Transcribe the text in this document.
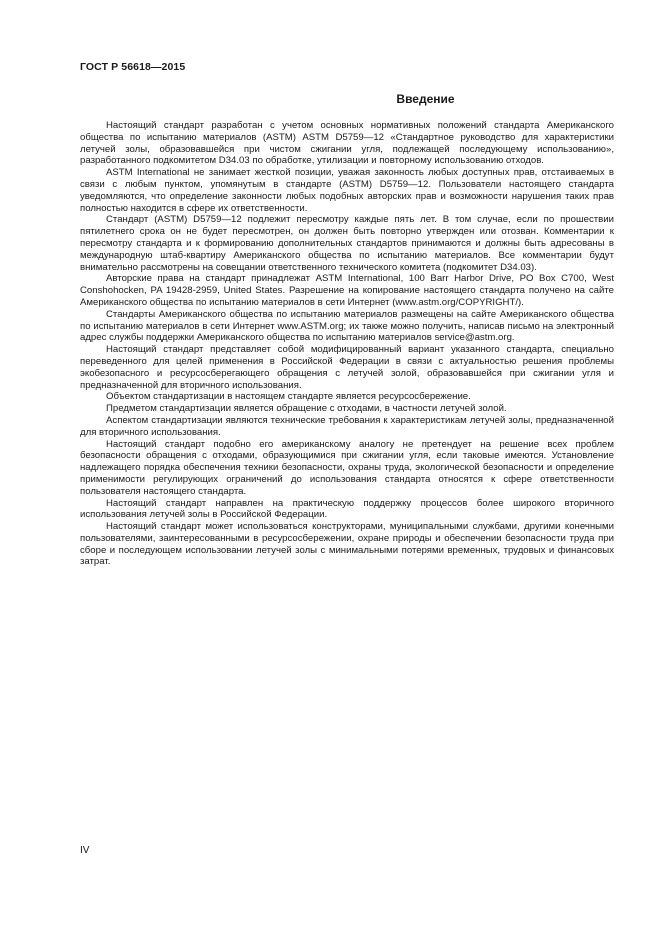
ГОСТ Р 56618—2015
Введение

Настоящий стандарт разработан с учетом основных нормативных положений стандарта Американского общества по испытанию материалов (ASTM) ASTM D5759—12 «Стандартное руководство для характеристики летучей золы, образовавшейся при чистом сжигании угля, подлежащей последующему использованию», разработанного подкомитетом D34.03 по обработке, утилизации и повторному использованию отходов.

ASTM International не занимает жесткой позиции, уважая законность любых доступных прав, отстаиваемых в связи с любым пунктом, упомянутым в стандарте (ASTM) D5759—12. Пользователи настоящего стандарта уведомляются, что определение законности любых подобных авторских прав и возможности нарушения таких прав полностью находится в сфере их ответственности.

Стандарт (ASTM) D5759—12 подлежит пересмотру каждые пять лет. В том случае, если по прошествии пятилетнего срока он не будет пересмотрен, он должен быть повторно утвержден или отозван. Комментарии к пересмотру стандарта и к формированию дополнительных стандартов принимаются и должны быть адресованы в международную штаб-квартиру Американского общества по испытанию материалов. Все комментарии будут внимательно рассмотрены на совещании ответственного технического комитета (подкомитет D34.03).

Авторские права на стандарт принадлежат ASTM International, 100 Barr Harbor Drive, PO Box C700, West Conshohocken, PA 19428-2959, United States. Разрешение на копирование настоящего стандарта получено на сайте Американского общества по испытанию материалов в сети Интернет (www.astm.org/COPYRIGHT/).

Стандарты Американского общества по испытанию материалов размещены на сайте Американского общества по испытанию материалов в сети Интернет www.ASTM.org; их также можно получить, написав письмо на электронный адрес службы поддержки Американского общества по испытанию материалов service@astm.org.

Настоящий стандарт представляет собой модифицированный вариант указанного стандарта, специально переведенного для целей применения в Российской Федерации в связи с актуальностью решения проблемы экобезопасного и ресурсосберегающего обращения с летучей золой, образовавшейся при сжигании угля и предназначенной для вторичного использования.

Объектом стандартизации в настоящем стандарте является ресурсосбережение.

Предметом стандартизации является обращение с отходами, в частности летучей золой.

Аспектом стандартизации являются технические требования к характеристикам летучей золы, предназначенной для вторичного использования.

Настоящий стандарт подобно его американскому аналогу не претендует на решение всех проблем безопасности обращения с отходами, образующимися при сжигании угля, если таковые имеются. Установление надлежащего порядка обеспечения техники безопасности, охраны труда, экологической безопасности и определение применимости регулирующих ограничений до использования стандарта относятся к сфере ответственности пользователя настоящего стандарта.

Настоящий стандарт направлен на практическую поддержку процессов более широкого вторичного использования летучей золы в Российской Федерации.

Настоящий стандарт может использоваться конструкторами, муниципальными службами, другими конечными пользователями, заинтересованными в ресурсосбережении, охране природы и обеспечении безопасности труда при сборе и последующем использовании летучей золы с минимальными потерями временных, трудовых и финансовых затрат.

IV
